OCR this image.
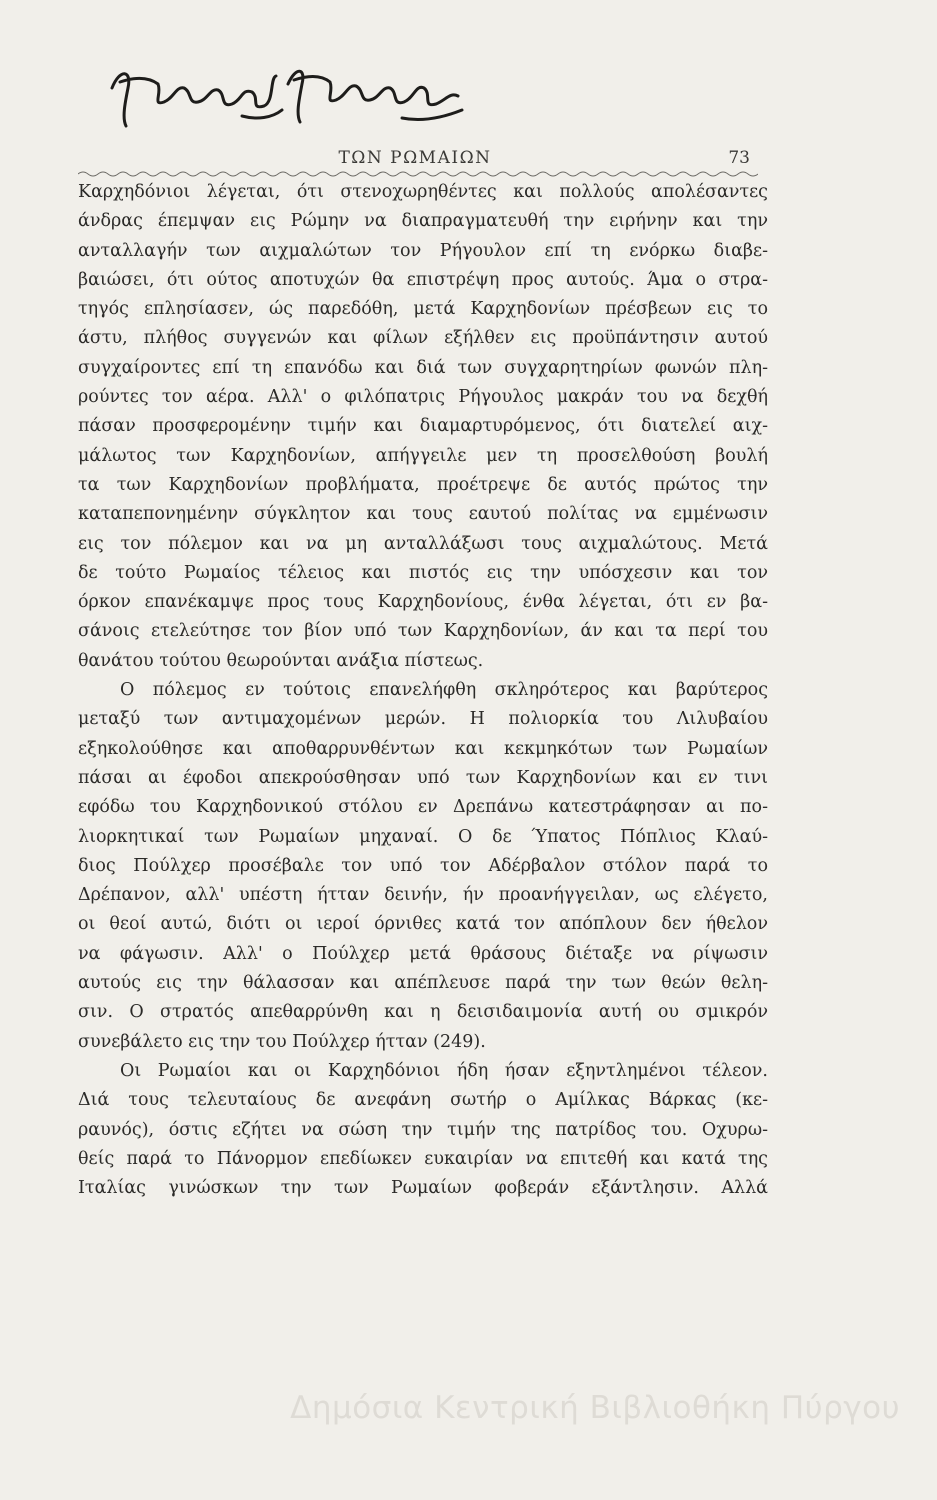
ΤΩΝ ΡΩΜΑΙΩΝ	73
Καρχηδόνιοι λέγεται, ότι στενοχωρηθέντες και πολλούς απολέσαντες
άνδρας έπεμψαν εις Ρώμην να διαπραγματευθή την ειρήνην και την
ανταλλαγήν των αιχμαλώτων τον Ρήγουλον επί τη ενόρκω διαβε-
βαιώσει, ότι ούτος αποτυχών θα επιστρέψη προς αυτούς. Άμα ο στρα-
τηγός επλησίασεν, ώς παρεδόθη, μετά Καρχηδονίων πρέσβεων εις το
άστυ, πλήθος συγγενών και φίλων εξήλθεν εις προϋπάντησιν αυτού
συγχαίροντες επί τη επανόδω και διά των συγχαρητηρίων φωνών πλη-
ρούντες τον αέρα. Αλλ' ο φιλόπατρις Ρήγουλος μακράν του να δεχθή
πάσαν προσφερομένην τιμήν και διαμαρτυρόμενος, ότι διατελεί αιχ-
μάλωτος των Καρχηδονίων, απήγγειλε μεν τη προσελθούση βουλή
τα των Καρχηδονίων προβλήματα, προέτρεψε δε αυτός πρώτος την
καταπεπονημένην σύγκλητον και τους εαυτού πολίτας να εμμένωσιν
εις τον πόλεμον και να μη ανταλλάξωσι τους αιχμαλώτους. Μετά
δε τούτο Ρωμαίος τέλειος και πιστός εις την υπόσχεσιν και τον
όρκον επανέκαμψε προς τους Καρχηδονίους, ένθα λέγεται, ότι εν βα-
σάνοις ετελεύτησε τον βίον υπό των Καρχηδονίων, άν και τα περί του
θανάτου τούτου θεωρούνται ανάξια πίστεως.
Ο πόλεμος εν τούτοις επανελήφθη σκληρότερος και βαρύτερος
μεταξύ των αντιμαχομένων μερών. Η πολιορκία του Λιλυβαίου
εξηκολούθησε και αποθαρρυνθέντων και κεκμηκότων των Ρωμαίων
πάσαι αι έφοδοι απεκρούσθησαν υπό των Καρχηδονίων και εν τινι
εφόδω του Καρχηδονικού στόλου εν Δρεπάνω κατεστράφησαν αι πο-
λιορκητικαί των Ρωμαίων μηχαναί. Ο δε Ύπατος Πόπλιος Κλαύ-
διος Πούλχερ προσέβαλε τον υπό τον Αδέρβαλον στόλον παρά το
Δρέπανον, αλλ' υπέστη ήτταν δεινήν, ήν προανήγγειλαν, ως ελέγετο,
οι θεοί αυτώ, διότι οι ιεροί όρνιθες κατά τον απόπλουν δεν ήθελον
να φάγωσιν. Αλλ' ο Πούλχερ μετά θράσους διέταξε να ρίψωσιν
αυτούς εις την θάλασσαν και απέπλευσε παρά την των θεών θελη-
σιν. Ο στρατός απεθαρρύνθη και η δεισιδαιμονία αυτή ου σμικρόν
συνεβάλετο εις την του Πούλχερ ήτταν (249).
Οι Ρωμαίοι και οι Καρχηδόνιοι ήδη ήσαν εξηντλημένοι τέλεον.
Διά τους τελευταίους δε ανεφάνη σωτήρ ο Αμίλκας Βάρκας (κε-
ραυνός), όστις εζήτει να σώση την τιμήν της πατρίδος του. Οχυρω-
θείς παρά το Πάνορμον επεδίωκεν ευκαιρίαν να επιτεθή και κατά της
Ιταλίας γινώσκων την των Ρωμαίων φοβεράν εξάντλησιν. Αλλά
Δημόσια Κεντρική Βιβλιοθήκη Πύργου
